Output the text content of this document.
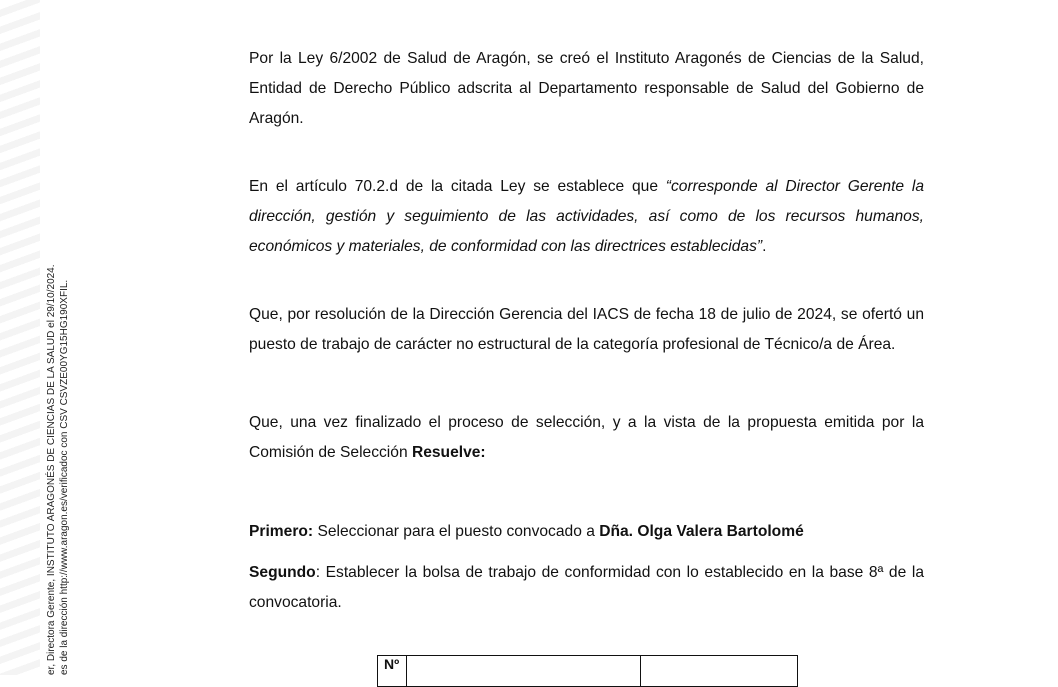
er, Directora Gerente, INSTITUTO ARAGONÉS DE CIENCIAS DE LA SALUD el 29/10/2024. es de la dirección http://www.aragon.es/verificadoc con CSV CSVZE00YG15HG190XFIL.

Por la Ley 6/2002 de Salud de Aragón, se creó el Instituto Aragonés de Ciencias de la Salud, Entidad de Derecho Público adscrita al Departamento responsable de Salud del Gobierno de Aragón.

En el artículo 70.2.d de la citada Ley se establece que “corresponde al Director Gerente la dirección, gestión y seguimiento de las actividades, así como de los recursos humanos, económicos y materiales, de conformidad con las directrices establecidas”.

Que, por resolución de la Dirección Gerencia del IACS de fecha 18 de julio de 2024, se ofertó un puesto de trabajo de carácter no estructural de la categoría profesional de Técnico/a de Área.

Que, una vez finalizado el proceso de selección, y a la vista de la propuesta emitida por la Comisión de Selección Resuelve:

Primero: Seleccionar para el puesto convocado a Dña. Olga Valera Bartolomé

Segundo: Establecer la bolsa de trabajo de conformidad con lo establecido en la base 8ª de la convocatoria.

Nº		
